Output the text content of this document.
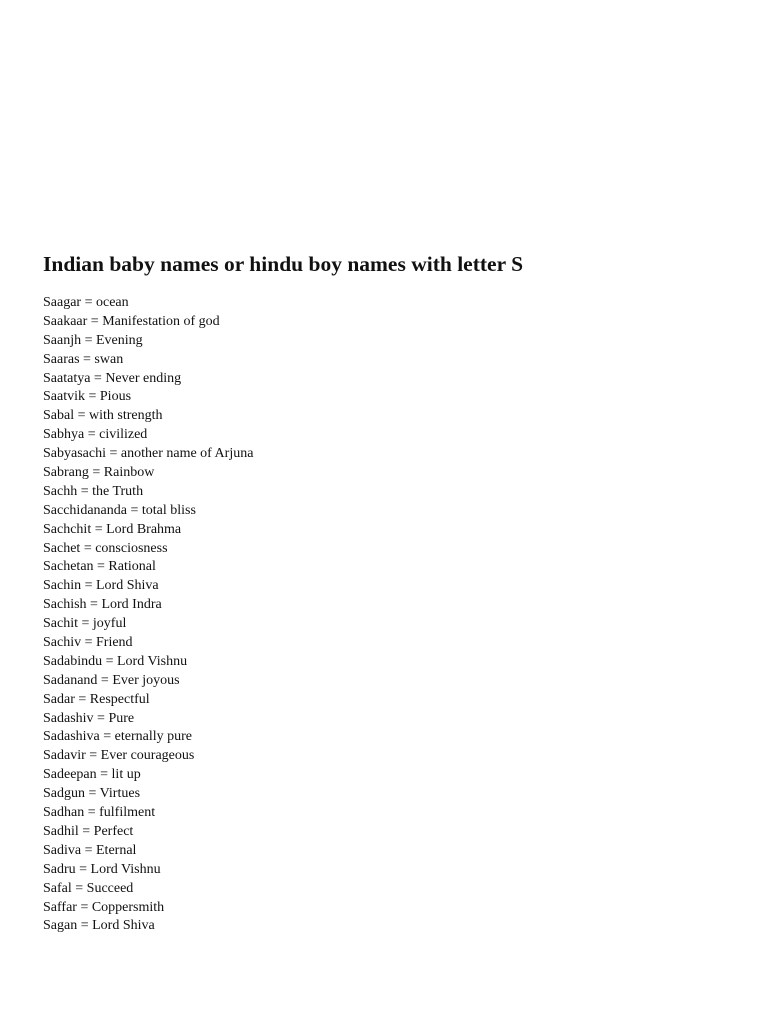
Indian baby names or hindu boy names with letter S
Saagar = ocean
Saakaar = Manifestation of god
Saanjh = Evening
Saaras = swan
Saatatya = Never ending
Saatvik = Pious
Sabal = with strength
Sabhya = civilized
Sabyasachi = another name of Arjuna
Sabrang = Rainbow
Sachh = the Truth
Sacchidananda = total bliss
Sachchit = Lord Brahma
Sachet = consciosness
Sachetan = Rational
Sachin = Lord Shiva
Sachish = Lord Indra
Sachit = joyful
Sachiv = Friend
Sadabindu = Lord Vishnu
Sadanand = Ever joyous
Sadar = Respectful
Sadashiv = Pure
Sadashiva = eternally pure
Sadavir = Ever courageous
Sadeepan = lit up
Sadgun = Virtues
Sadhan = fulfilment
Sadhil = Perfect
Sadiva = Eternal
Sadru = Lord Vishnu
Safal = Succeed
Saffar = Coppersmith
Sagan = Lord Shiva
